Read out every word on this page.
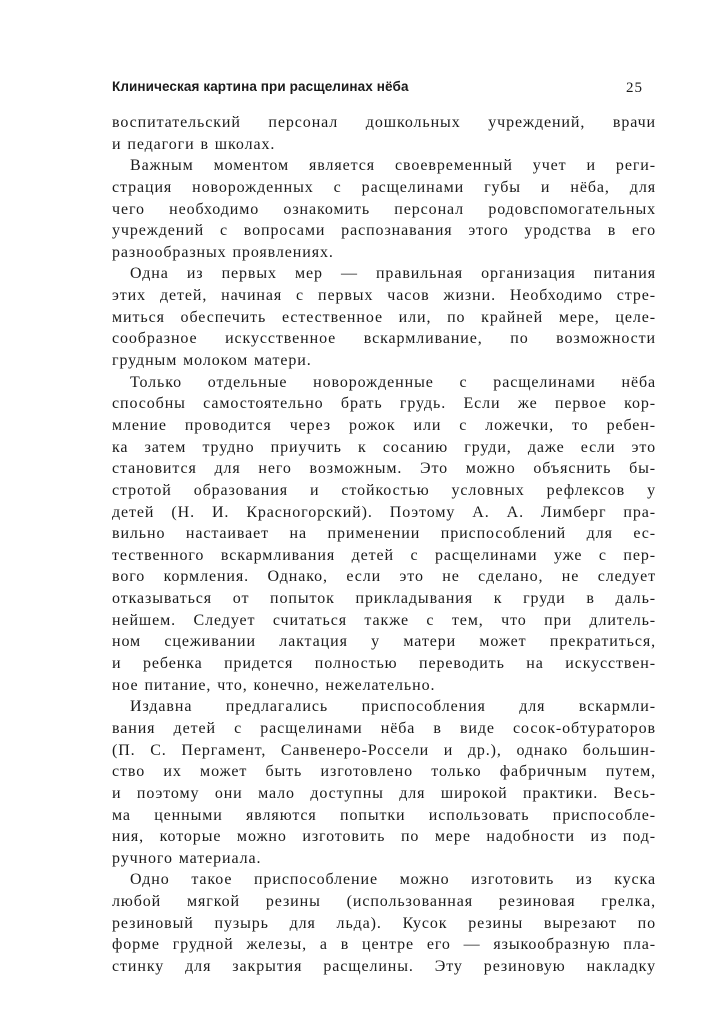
Клиническая картина при расщелинах нёба	25
воспитательский персонал дошкольных учреждений, врачи
и педагоги в школах.
Важным моментом является своевременный учет и реги-
страция новорожденных с расщелинами губы и нёба, для
чего необходимо ознакомить персонал родовспомогательных
учреждений с вопросами распознавания этого уродства в его
разнообразных проявлениях.
Одна из первых мер — правильная организация питания
этих детей, начиная с первых часов жизни. Необходимо стре-
миться обеспечить естественное или, по крайней мере, целе-
сообразное искусственное вскармливание, по возможности
грудным молоком матери.
Только отдельные новорожденные с расщелинами нёба
способны самостоятельно брать грудь. Если же первое кор-
мление проводится через рожок или с ложечки, то ребен-
ка затем трудно приучить к сосанию груди, даже если это
становится для него возможным. Это можно объяснить бы-
стротой образования и стойкостью условных рефлексов у
детей (Н. И. Красногорский). Поэтому А. А. Лимберг пра-
вильно настаивает на применении приспособлений для ес-
тественного вскармливания детей с расщелинами уже с пер-
вого кормления. Однако, если это не сделано, не следует
отказываться от попыток прикладывания к груди в даль-
нейшем. Следует считаться также с тем, что при длитель-
ном сцеживании лактация у матери может прекратиться,
и ребенка придется полностью переводить на искусствен-
ное питание, что, конечно, нежелательно.
Издавна предлагались приспособления для вскармли-
вания детей с расщелинами нёба в виде сосок-обтураторов
(П. С. Пергамент, Санвенеро-Россели и др.), однако большин-
ство их может быть изготовлено только фабричным путем,
и поэтому они мало доступны для широкой практики. Весь-
ма ценными являются попытки использовать приспособле-
ния, которые можно изготовить по мере надобности из под-
ручного материала.
Одно такое приспособление можно изготовить из куска
любой мягкой резины (использованная резиновая грелка,
резиновый пузырь для льда). Кусок резины вырезают по
форме грудной железы, а в центре его — языкообразную пла-
стинку для закрытия расщелины. Эту резиновую накладку
